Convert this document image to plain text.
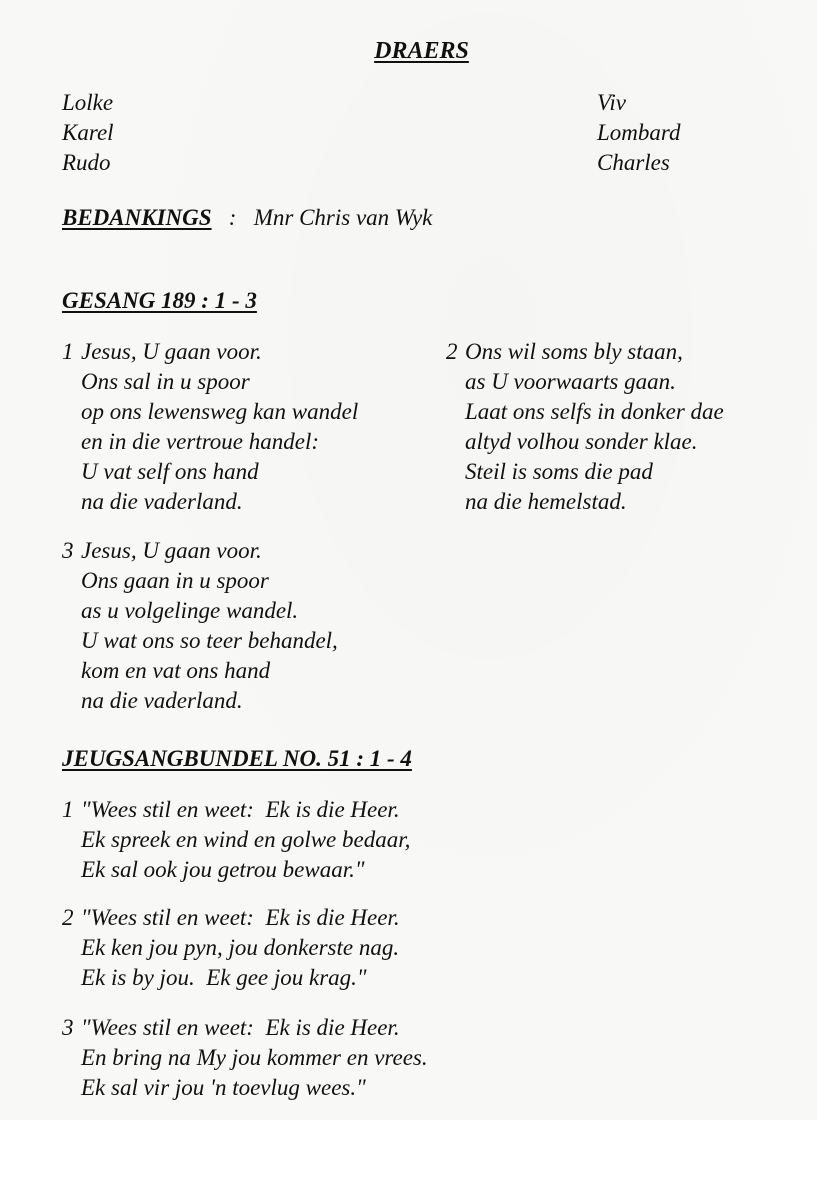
DRAERS
Lolke
Karel
Rudo
Viv
Lombard
Charles
BEDANKINGS : Mnr Chris van Wyk
GESANG 189 : 1 - 3
1 Jesus, U gaan voor.
Ons sal in u spoor
op ons lewensweg kan wandel
en in die vertroue handel:
U vat self ons hand
na die vaderland.
2 Ons wil soms bly staan,
as U voorwaarts gaan.
Laat ons selfs in donker dae
altyd volhou sonder klae.
Steil is soms die pad
na die hemelstad.
3 Jesus, U gaan voor.
Ons gaan in u spoor
as u volgelinge wandel.
U wat ons so teer behandel,
kom en vat ons hand
na die vaderland.
JEUGSANGBUNDEL NO. 51 : 1 - 4
1 "Wees stil en weet:  Ek is die Heer.
Ek spreek en wind en golwe bedaar,
Ek sal ook jou getrou bewaar."
2 "Wees stil en weet:  Ek is die Heer.
Ek ken jou pyn, jou donkerste nag.
Ek is by jou.  Ek gee jou krag."
3 "Wees stil en weet:  Ek is die Heer.
En bring na My jou kommer en vrees.
Ek sal vir jou 'n toevlug wees."
